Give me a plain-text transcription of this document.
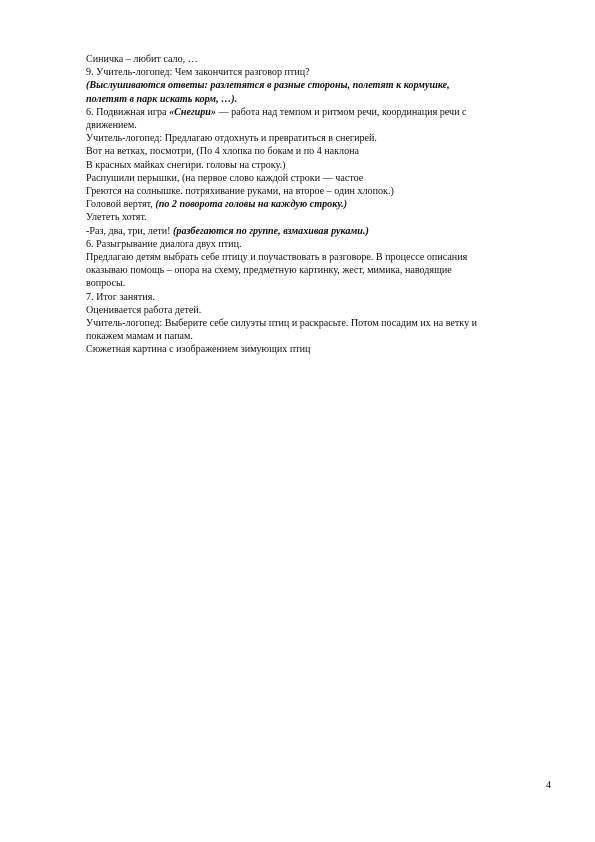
Синичка – любит сало, …
9. Учитель-логопед: Чем закончится разговор птиц?
(Выслушиваются ответы: разлетятся в разные стороны, полетят к кормушке,
полетят в парк искать корм, …).
6. Подвижная игра «Снегири» — работа над темпом и ритмом речи, координация речи с
движением.
Учитель-логопед: Предлагаю отдохнуть и превратиться в снегирей.
Вот на ветках, посмотри, (По 4 хлопка по бокам и по 4 наклона
В красных майках снегири. головы на строку.)
Распушили перышки, (на первое слово каждой строки — частое
Греются на солнышке. потряхивание руками, на второе – один хлопок.)
Головой вертят, (по 2 поворота головы на каждую строку.)
Улететь хотят.
-Раз, два, три, лети! (разбегаются по группе, взмахивая руками.)
6. Разыгрывание диалога двух птиц.
Предлагаю детям выбрать себе птицу и поучаствовать в разговоре. В процессе описания
оказываю помощь – опора на схему, предметную картинку, жест, мимика, наводящие
вопросы.
7. Итог занятия.
Оценивается работа детей.
Учитель-логопед: Выберите себе силуэты птиц и раскрасьте. Потом посадим их на ветку и
покажем мамам и папам.
Сюжетная картина с изображением зимующих птиц
4
